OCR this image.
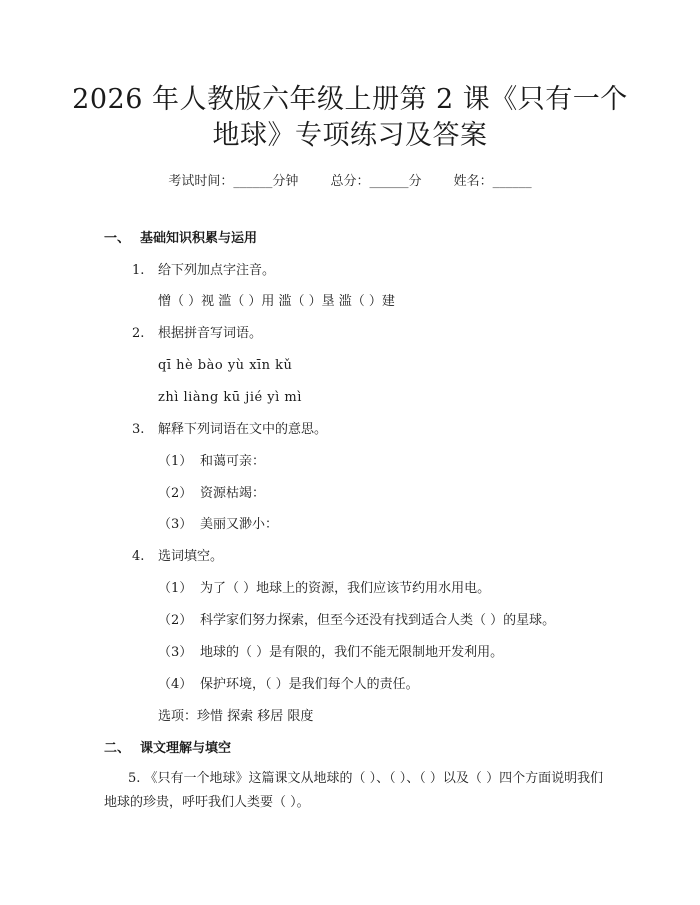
2026 年人教版六年级上册第 2 课《只有一个
地球》专项练习及答案
考试时间：______分钟 总分：______分 姓名：______
一、 基础知识积累与运用
1. 给下列加点字注音。
憎（ ）视 滥（ ）用 滥（ ）垦 滥（ ）建
2. 根据拼音写词语。
qī hè bào yù xīn kǔ
zhì liàng kū jié yì mì
3. 解释下列词语在文中的意思。
（1） 和蔼可亲：
（2） 资源枯竭：
（3） 美丽又渺小：
4. 选词填空。
（1） 为了（ ）地球上的资源，我们应该节约用水用电。
（2） 科学家们努力探索，但至今还没有找到适合人类（ ）的星球。
（3） 地球的（ ）是有限的，我们不能无限制地开发利用。
（4） 保护环境，（ ）是我们每个人的责任。
选项：珍惜 探索 移居 限度
二、 课文理解与填空
5. 《只有一个地球》这篇课文从地球的（ ）、（ ）、（ ）以及（ ）四个方面说明我们地球的珍贵，呼吁我们人类要（ ）。
